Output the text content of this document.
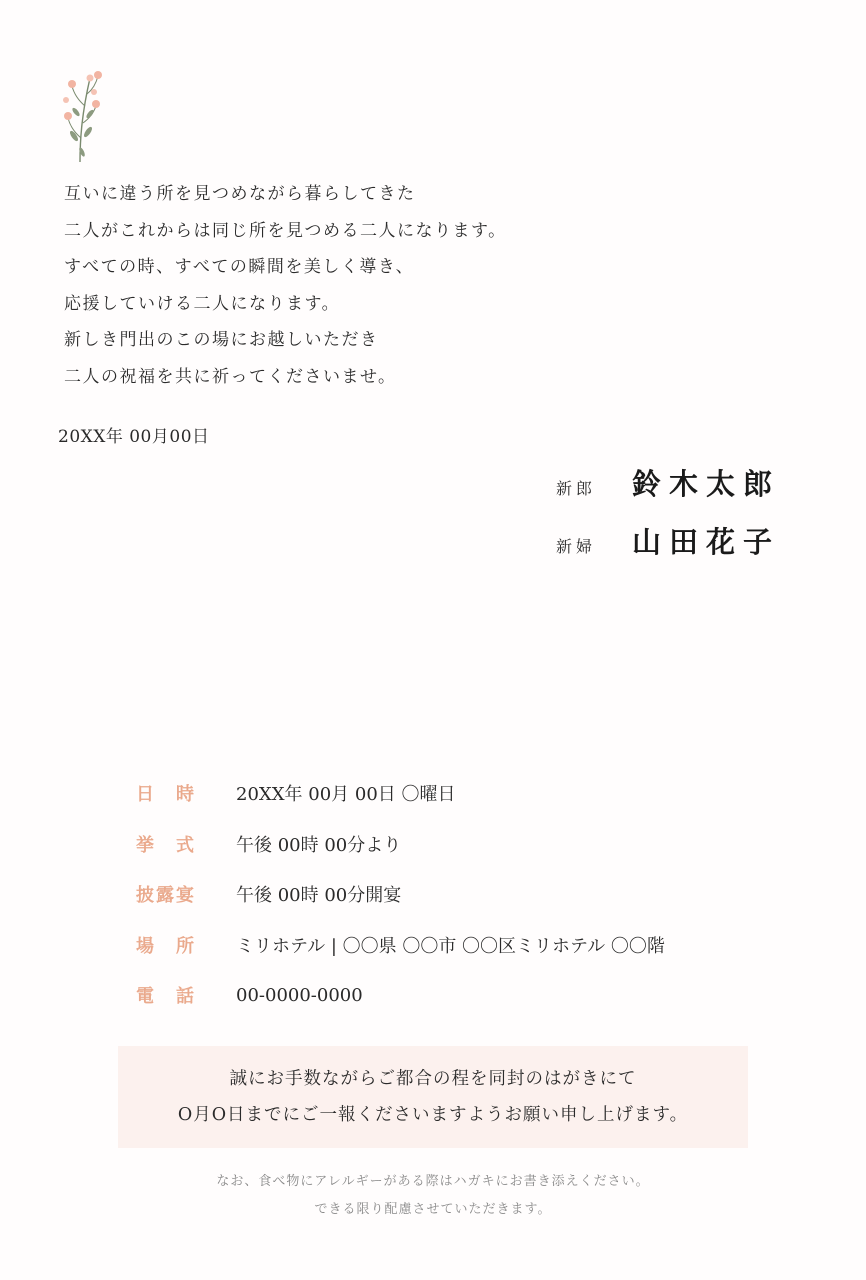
互いに違う所を見つめながら暮らしてきた
二人がこれからは同じ所を見つめる二人になります。
すべての時、すべての瞬間を美しく導き、
応援していける二人になります。
新しき門出のこの場にお越しいただき
二人の祝福を共に祈ってくださいませ。
20XX年 00月00日
新郎	鈴木太郎
新婦	山田花子
日　時	20XX年 00月 00日 〇曜日
挙　式	午後 00時 00分より
披露宴	午後 00時 00分開宴
場　所	ミリホテル | 〇〇県 〇〇市 〇〇区ミリホテル 〇〇階
電　話	00-0000-0000
誠にお手数ながらご都合の程を同封のはがきにて
O月O日までにご一報くださいますようお願い申し上げます。
なお、食べ物にアレルギーがある際はハガキにお書き添えください。
できる限り配慮させていただきます。
